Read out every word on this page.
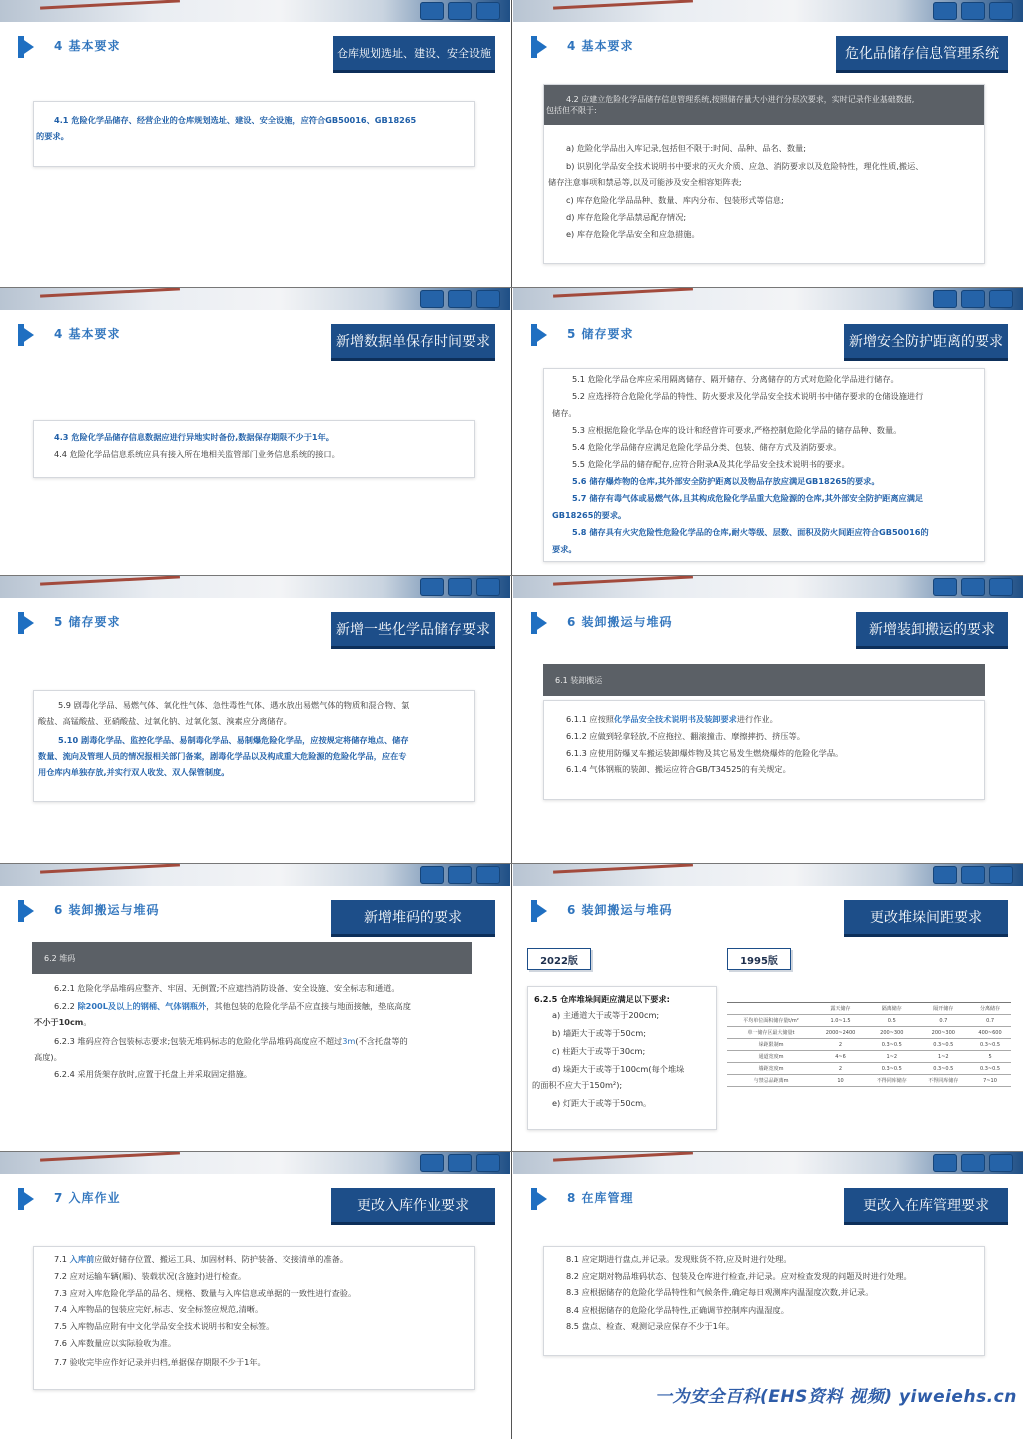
4 基本要求
仓库规划选址、建设、安全设施
4.1 危险化学品储存、经营企业的仓库规划选址、建设、安全设施，应符合GB50016、GB18265
的要求。
4 基本要求	危化品储存信息管理系统
4.2 应建立危险化学品储存信息管理系统,按照储存量大小进行分层次要求，实时记录作业基础数据,
包括但不限于:
a) 危险化学品出入库记录,包括但不限于:时间、品种、品名、数量;
b) 识别化学品安全技术说明书中要求的灭火介质、应急、消防要求以及危险特性，理化性质,搬运、
储存注意事项和禁忌等,以及可能涉及安全相容矩阵表;
c) 库存危险化学品品种、数量、库内分布、包装形式等信息;
d) 库存危险化学品禁忌配存情况;
e) 库存危险化学品安全和应急措施。
4 基本要求	新增数据单保存时间要求
4.3 危险化学品储存信息数据应进行异地实时备份,数据保存期限不少于1年。
4.4 危险化学品信息系统应具有接入所在地相关监管部门业务信息系统的接口。
5 储存要求	新增安全防护距离的要求
5.1 危险化学品仓库应采用隔离储存、隔开储存、分离储存的方式对危险化学品进行储存。
5.2 应选择符合危险化学品的特性、防火要求及化学品安全技术说明书中储存要求的仓储设施进行
储存。
5.3 应根据危险化学品仓库的设计和经营许可要求,严格控制危险化学品的储存品种、数量。
5.4 危险化学品储存应满足危险化学品分类、包装、储存方式及消防要求。
5.5 危险化学品的储存配存,应符合附录A及其化学品安全技术说明书的要求。
5.6 储存爆炸物的仓库,其外部安全防护距离以及物品存放应满足GB18265的要求。
5.7 储存有毒气体或易燃气体,且其构成危险化学品重大危险源的仓库,其外部安全防护距离应满足
GB18265的要求。
5.8 储存具有火灾危险性危险化学品的仓库,耐火等级、层数、面积及防火间距应符合GB50016的
要求。
5 储存要求	新增一些化学品储存要求
5.9 剧毒化学品、易燃气体、氧化性气体、急性毒性气体、遇水放出易燃气体的物质和混合物、氯
酸盐、高锰酸盐、亚硝酸盐、过氧化钠、过氧化氢、溴素应分离储存。
5.10 剧毒化学品、监控化学品、易制毒化学品、易制爆危险化学品，应按规定将储存地点、储存
数量、流向及管理人员的情况报相关部门备案，剧毒化学品以及构成重大危险源的危险化学品，应在专
用仓库内单独存放,并实行双人收发、双人保管制度。
6 装卸搬运与堆码	新增装卸搬运的要求
6.1 装卸搬运
6.1.1 应按照化学品安全技术说明书及装卸要求进行作业。
6.1.2 应做到轻拿轻放,不应拖拉、翻滚撞击、摩擦摔扔、挤压等。
6.1.3 应使用防爆叉车搬运装卸爆炸物及其它易发生燃烧爆炸的危险化学品。
6.1.4 气体钢瓶的装卸、搬运应符合GB/T34525的有关规定。
6 装卸搬运与堆码	新增堆码的要求
6.2 堆码
6.2.1 危险化学品堆码应整齐、牢固、无倒置;不应遮挡消防设备、安全设施、安全标志和通道。
6.2.2 除200L及以上的钢桶、气体钢瓶外，其他包装的危险化学品不应直接与地面接触，垫底高度
不小于10cm。
6.2.3 堆码应符合包装标志要求;包装无堆码标志的危险化学品堆码高度应不超过3m(不含托盘等的
高度)。
6.2.4 采用货架存放时,应置于托盘上并采取固定措施。
6 装卸搬运与堆码	更改堆垛间距要求
2022版	1995版
6.2.5 仓库堆垛间距应满足以下要求:
a) 主通道大于或等于200cm;
b) 墙距大于或等于50cm;
c) 柱距大于或等于30cm;
d) 垛距大于或等于100cm(每个堆垛
的面积不应大于150m²);
e) 灯距大于或等于50cm。
	露天储存	隔离储存	隔开储存	分离储存
平均单位面积储存量t/m²	1.0~1.5	0.5	0.7	0.7
单一储存区最大储量t	2000~2400	200~300	200~300	400~600
垛距限制m	2	0.3~0.5	0.3~0.5	0.3~0.5
通道宽度m	4~6	1~2	1~2	5
墙距宽度m	2	0.3~0.5	0.3~0.5	0.3~0.5
与禁忌品距离m	10	不得同库储存	不得同库储存	7~10
7 入库作业	更改入库作业要求
7.1 入库前应做好储存位置、搬运工具、加固材料、防护装备、交接清单的准备。
7.2 应对运输车辆(厢)、装载状况(含施封)进行检查。
7.3 应对入库危险化学品的品名、规格、数量与入库信息或单据的一致性进行查验。
7.4 入库物品的包装应完好,标志、安全标签应规范,清晰。
7.5 入库物品应附有中文化学品安全技术说明书和安全标签。
7.6 入库数量应以实际验收为准。
7.7 验收完毕应作好记录并归档,单据保存期限不少于1年。
8 在库管理	更改入在库管理要求
8.1 应定期进行盘点,并记录。发现账货不符,应及时进行处理。
8.2 应定期对物品堆码状态、包装及仓库进行检查,并记录。应对检查发现的问题及时进行处理。
8.3 应根据储存的危险化学品特性和气候条件,确定每日观测库内温湿度次数,并记录。
8.4 应根据储存的危险化学品特性,正确调节控制库内温湿度。
8.5 盘点、检查、观测记录应保存不少于1年。
一为安全百科(EHS资料 视频) yiweiehs.cn
